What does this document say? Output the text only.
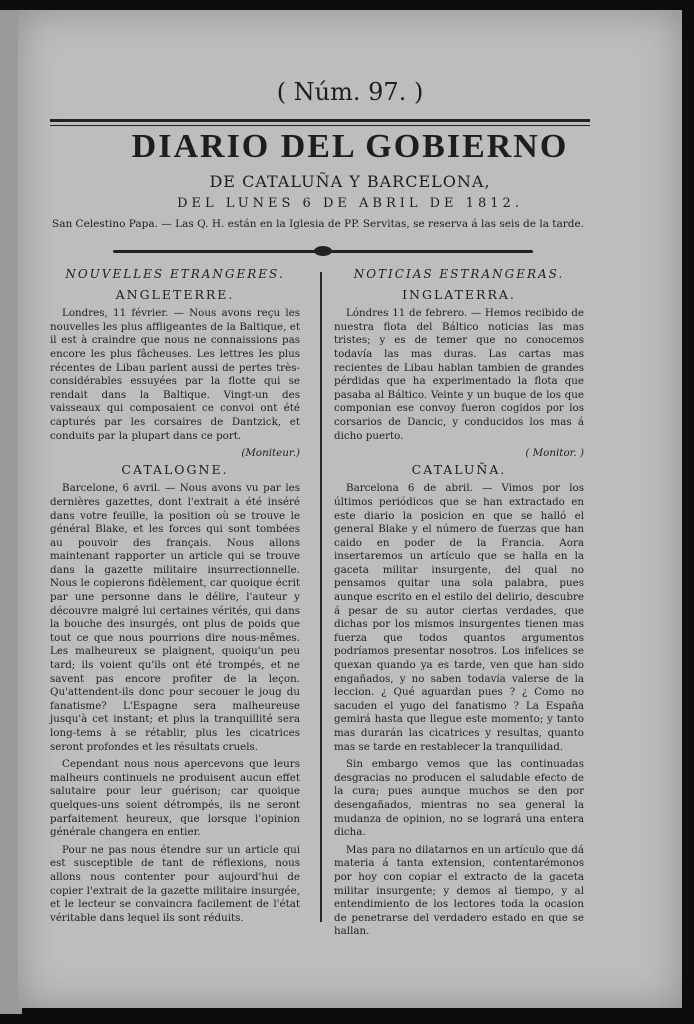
( Núm. 97. )
DIARIO DEL GOBIERNO
DE CATALUÑA Y BARCELONA,
DEL LUNES 6 DE ABRIL DE 1812.
San Celestino Papa. — Las Q. H. están en la Iglesia de PP. Servitas, se reserva á las seis de la tarde.
NOUVELLES ETRANGERES.
ANGLETERRE.

Londres, 11 février. — Nous avons reçu les nouvelles les plus affligeantes de la Baltique, et il est à craindre que nous ne connaissions pas encore les plus fâcheuses. Les lettres les plus récentes de Libau parlent aussi de pertes très-considérables essuyées par la flotte qui se rendait dans la Baltique. Vingt-un des vaisseaux qui composaient ce convoi ont été capturés par les corsaires de Dantzick, et conduits par la plupart dans ce port.

(Moniteur.)
CATALOGNE.

Barcelone, 6 avril. — Nous avons vu par les dernières gazettes, dont l'extrait a été inséré dans votre feuille, la position où se trouve le général Blake, et les forces qui sont tombées au pouvoir des français. Nous allons maintenant rapporter un article qui se trouve dans la gazette militaire insurrectionnelle. Nous le copierons fidèlement, car quoique écrit par une personne dans le délire, l'auteur y découvre malgré lui certaines vérités, qui dans la bouche des insurgés, ont plus de poids que tout ce que nous pourrions dire nous-mêmes. Les malheureux se plaignent, quoiqu'un peu tard; ils voient qu'ils ont été trompés, et ne savent pas encore profiter de la leçon. Qu'attendent-ils donc pour secouer le joug du fanatisme? L'Espagne sera malheureuse jusqu'à cet instant; et plus la tranquillité sera long-tems à se rétablir, plus les cicatrices seront profondes et les résultats cruels.

Cependant nous nous apercevons que leurs malheurs continuels ne produisent aucun effet salutaire pour leur guérison; car quoique quelques-uns soient détrompés, ils ne seront parfaitement heureux, que lorsque l'opinion générale changera en entier.

Pour ne pas nous étendre sur un article qui est susceptible de tant de réflexions, nous allons nous contenter pour aujourd'hui de copier l'extrait de la gazette militaire insurgée, et le lecteur se convaincra facilement de l'état véritable dans lequel ils sont réduits.

NOTICIAS ESTRANGERAS.
INGLATERRA.

Lóndres 11 de febrero. — Hemos recibido de nuestra flota del Báltico noticias las mas tristes; y es de temer que no conocemos todavía las mas duras. Las cartas mas recientes de Libau hablan tambien de grandes pérdidas que ha experimentado la flota que pasaba al Báltico. Veinte y un buque de los que componian ese convoy fueron cogidos por los corsarios de Dancic, y conducidos los mas á dicho puerto.

( Monitor. )
CATALUÑA.

Barcelona 6 de abril. — Vimos por los últimos periódicos que se han extractado en este diario la posicion en que se halló el general Blake y el número de fuerzas que han caido en poder de la Francia. Aora insertaremos un artículo que se halla en la gaceta militar insurgente, del qual no pensamos quitar una sola palabra, pues aunque escrito en el estilo del delirio, descubre á pesar de su autor ciertas verdades, que dichas por los mismos insurgentes tienen mas fuerza que todos quantos argumentos podríamos presentar nosotros. Los infelices se quexan quando ya es tarde, ven que han sido engañados, y no saben todavía valerse de la leccion. ¿ Qué aguardan pues ? ¿ Como no sacuden el yugo del fanatismo ? La España gemirá hasta que llegue este momento; y tanto mas durarán las cicatrices y resultas, quanto mas se tarde en restablecer la tranquilidad.

Sin embargo vemos que las continuadas desgracias no producen el saludable efecto de la cura; pues aunque muchos se den por desengañados, mientras no sea general la mudanza de opinion, no se logrará una entera dicha.

Mas para no dilatarnos en un artículo que dá materia á tanta extension, contentarémonos por hoy con copiar el extracto de la gaceta militar insurgente; y demos al tiempo, y al entendimiento de los lectores toda la ocasion de penetrarse del verdadero estado en que se hallan.
